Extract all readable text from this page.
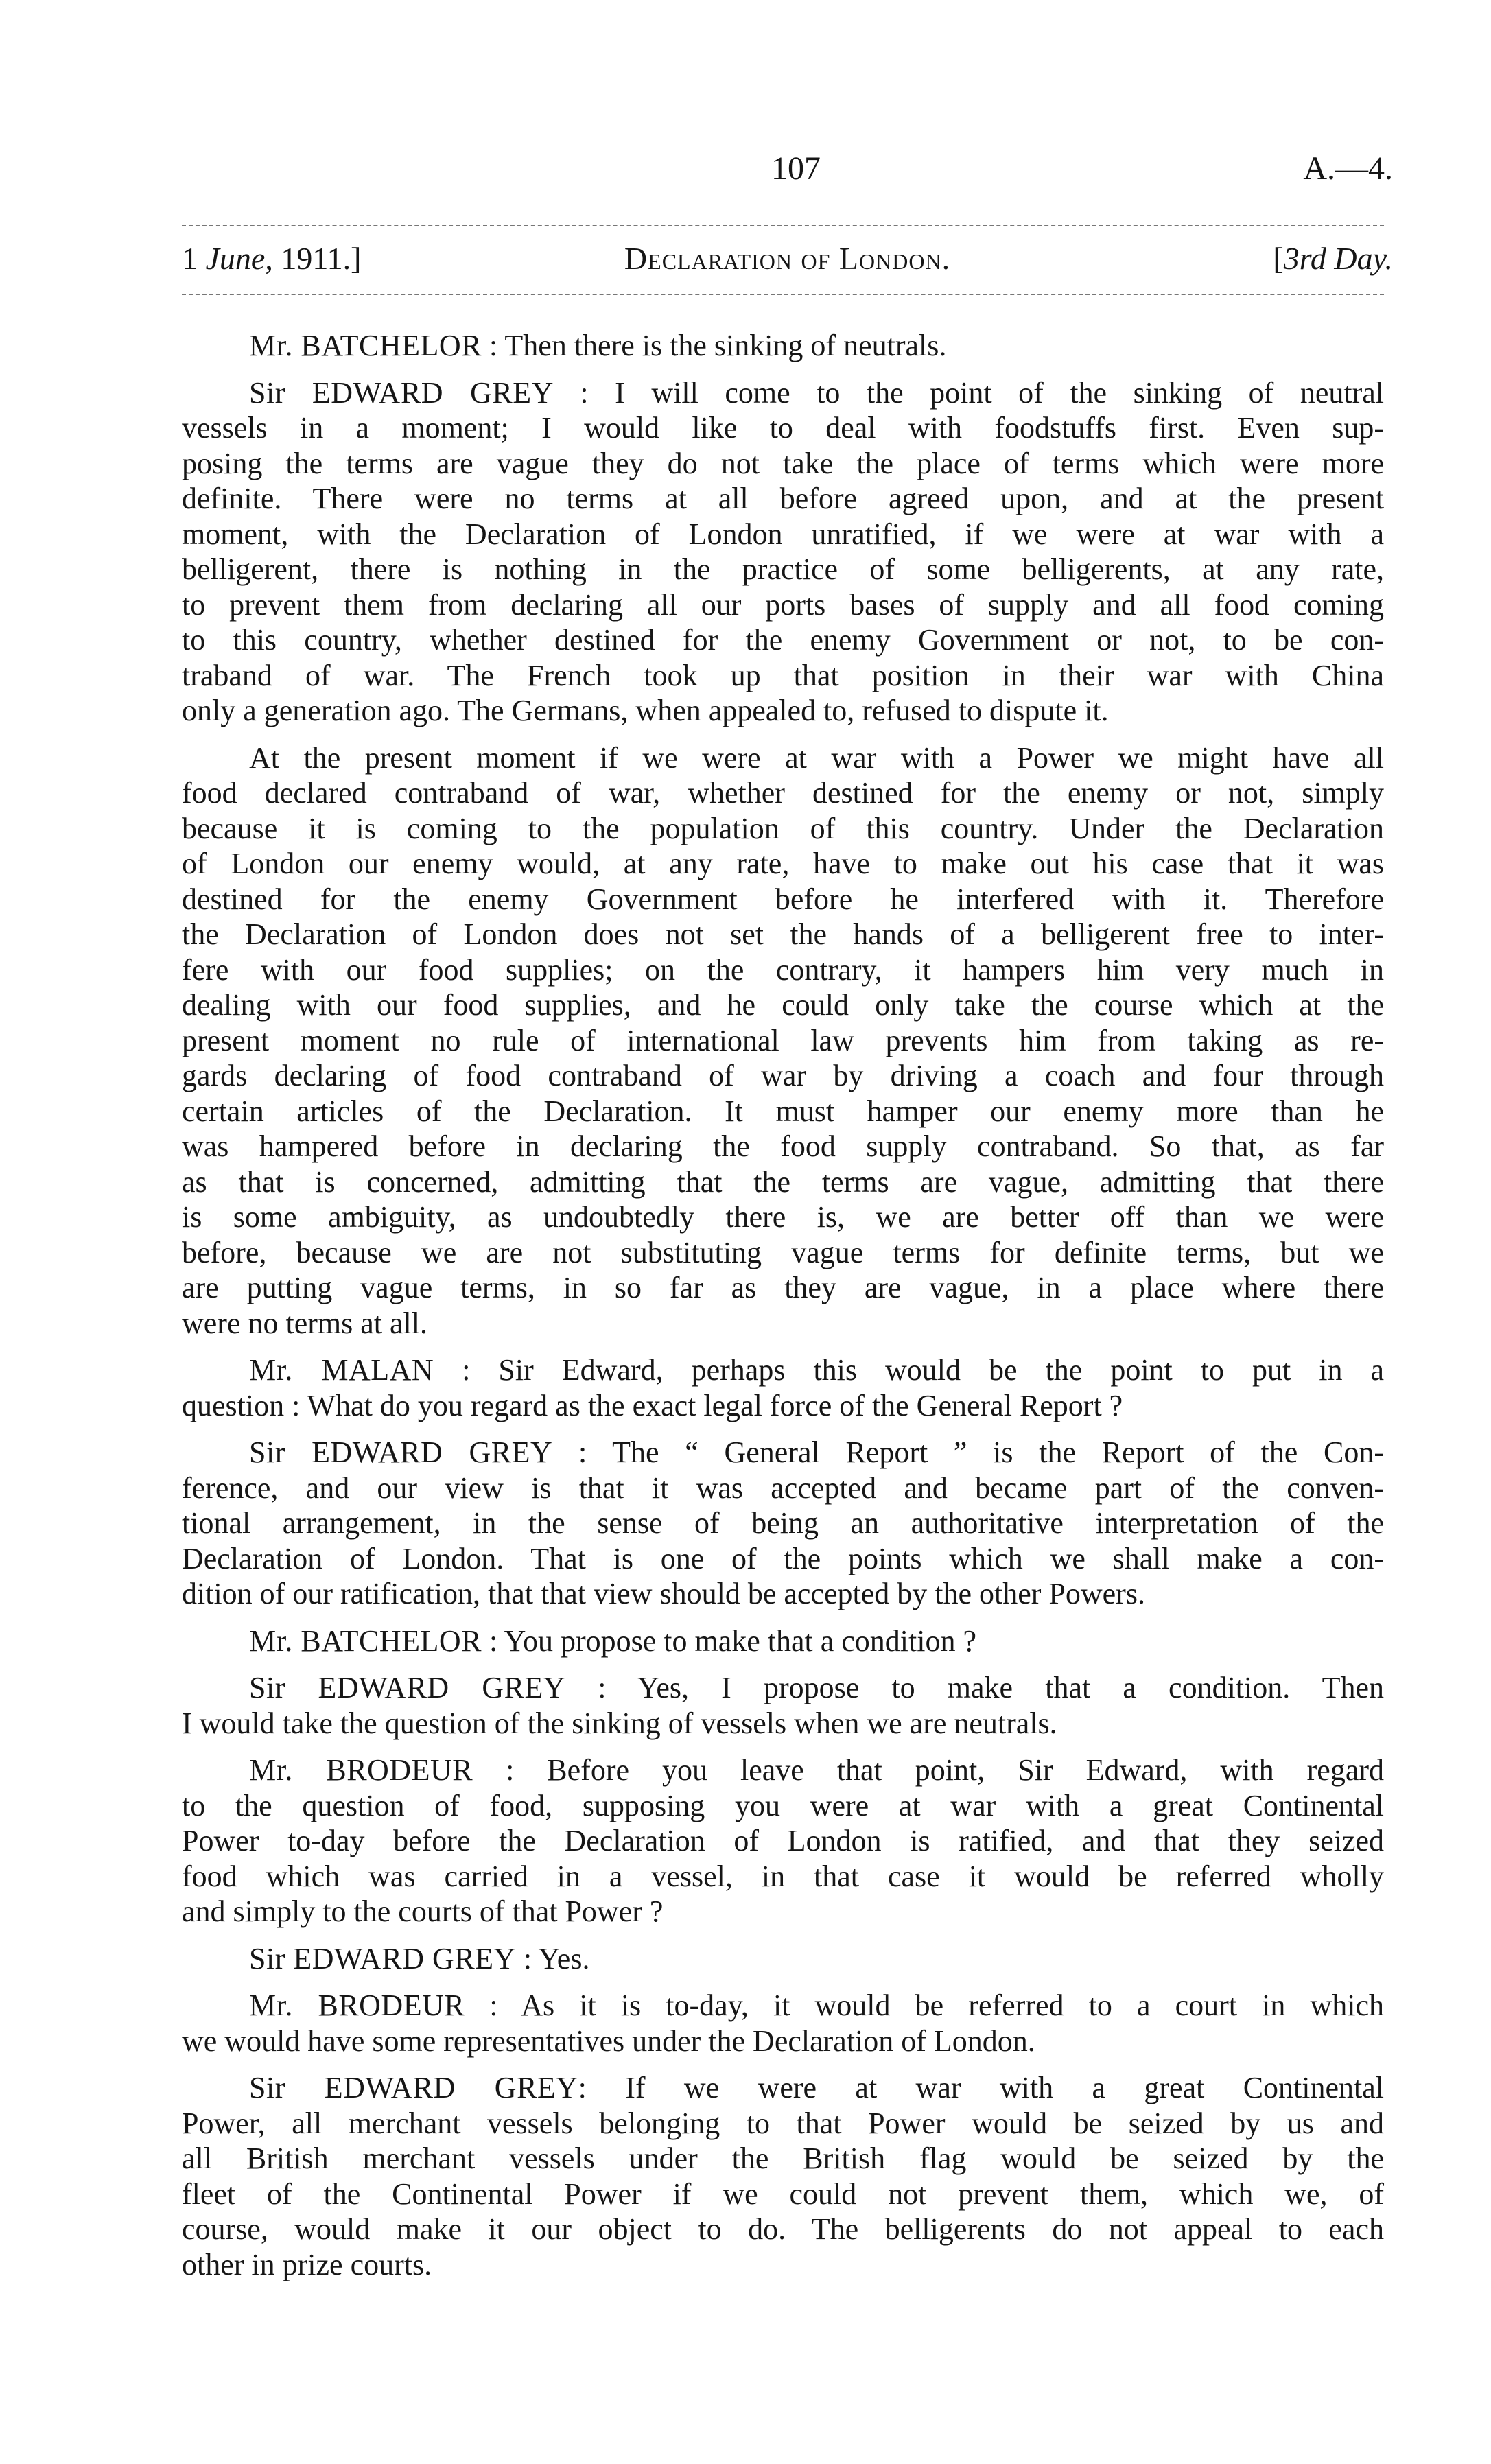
107	A.—4.
1 June, 1911.]	Declaration of London.	[3rd Day.
Mr. BATCHELOR : Then there is the sinking of neutrals.
Sir EDWARD GREY : I will come to the point of the sinking of neutral
vessels in a moment; I would like to deal with foodstuffs first. Even sup-
posing the terms are vague they do not take the place of terms which were more
definite. There were no terms at all before agreed upon, and at the present
moment, with the Declaration of London unratified, if we were at war with a
belligerent, there is nothing in the practice of some belligerents, at any rate,
to prevent them from declaring all our ports bases of supply and all food coming
to this country, whether destined for the enemy Government or not, to be con-
traband of war. The French took up that position in their war with China
only a generation ago. The Germans, when appealed to, refused to dispute it.
At the present moment if we were at war with a Power we might have all
food declared contraband of war, whether destined for the enemy or not, simply
because it is coming to the population of this country. Under the Declaration
of London our enemy would, at any rate, have to make out his case that it was
destined for the enemy Government before he interfered with it. Therefore
the Declaration of London does not set the hands of a belligerent free to inter-
fere with our food supplies; on the contrary, it hampers him very much in
dealing with our food supplies, and he could only take the course which at the
present moment no rule of international law prevents him from taking as re-
gards declaring of food contraband of war by driving a coach and four through
certain articles of the Declaration. It must hamper our enemy more than he
was hampered before in declaring the food supply contraband. So that, as far
as that is concerned, admitting that the terms are vague, admitting that there
is some ambiguity, as undoubtedly there is, we are better off than we were
before, because we are not substituting vague terms for definite terms, but we
are putting vague terms, in so far as they are vague, in a place where there
were no terms at all.
Mr. MALAN : Sir Edward, perhaps this would be the point to put in a
question : What do you regard as the exact legal force of the General Report ?
Sir EDWARD GREY : The “ General Report ” is the Report of the Con-
ference, and our view is that it was accepted and became part of the conven-
tional arrangement, in the sense of being an authoritative interpretation of the
Declaration of London. That is one of the points which we shall make a con-
dition of our ratification, that that view should be accepted by the other Powers.
Mr. BATCHELOR : You propose to make that a condition ?
Sir EDWARD GREY : Yes, I propose to make that a condition. Then
I would take the question of the sinking of vessels when we are neutrals.
Mr. BRODEUR : Before you leave that point, Sir Edward, with regard
to the question of food, supposing you were at war with a great Continental
Power to-day before the Declaration of London is ratified, and that they seized
food which was carried in a vessel, in that case it would be referred wholly
and simply to the courts of that Power ?
Sir EDWARD GREY : Yes.
Mr. BRODEUR : As it is to-day, it would be referred to a court in which
we would have some representatives under the Declaration of London.
Sir EDWARD GREY: If we were at war with a great Continental
Power, all merchant vessels belonging to that Power would be seized by us and
all British merchant vessels under the British flag would be seized by the
fleet of the Continental Power if we could not prevent them, which we, of
course, would make it our object to do. The belligerents do not appeal to each
other in prize courts.
